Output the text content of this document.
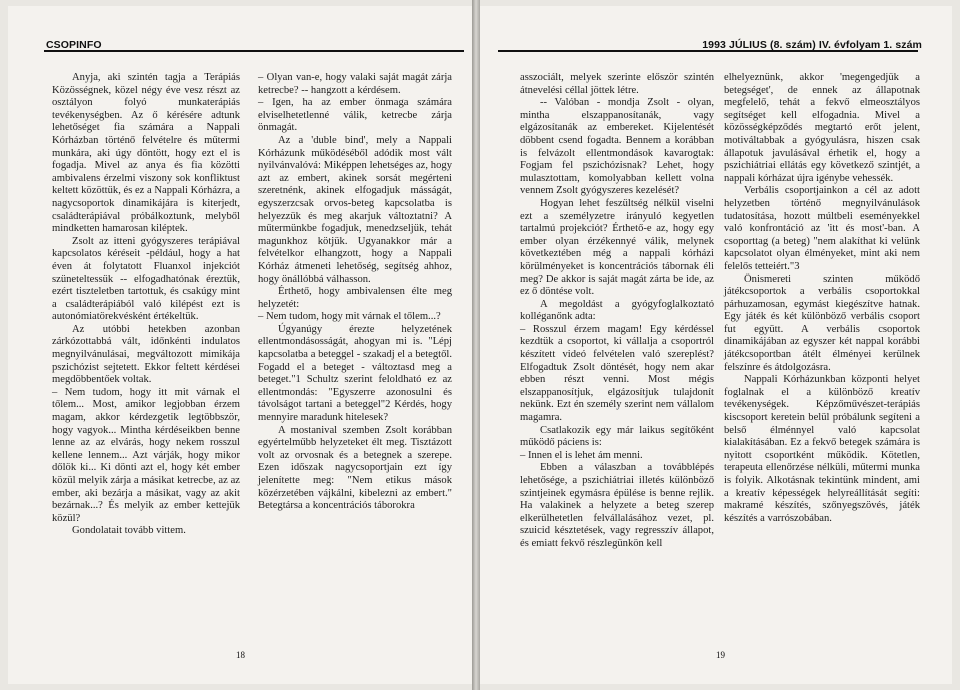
CSOPINFO

Anyja, aki szintén tagja a Terápiás Közösségnek, közel négy éve vesz részt az osztályon folyó munkaterápiás tevékenységben. Az ő kérésére adtunk lehetőséget fia számára a Nappali Kórházban történő felvételre és műtermi munkára, aki úgy döntött, hogy ezt el is fogadja. Mivel az anya és fia közötti ambivalens érzelmi viszony sok konfliktust keltett közöttük, és ez a Nappali Kórházra, a nagycsoportok dinamikájára is kiterjedt, családterápiával próbálkoztunk, melyből mindketten hamarosan kiléptek.

Zsolt az itteni gyógyszeres terápiával kapcsolatos kéréseit -például, hogy a hat éven át folytatott Fluanxol injekciót szüneteltessük -- elfogadhatónak éreztük, ezért tiszteletben tartottuk, és csakúgy mint a családterápiából való kilépést ezt is autonómiatörekvésként értékeltük.

Az utóbbi hetekben azonban zárkózottabbá vált, időnkénti indulatos megnyilvánulásai, megváltozott mimikája pszichózist sejtetett. Ekkor feltett kérdései megdöbbentőek voltak.

– Nem tudom, hogy itt mit várnak el tőlem... Most, amikor legjobban érzem magam, akkor kérdezgetik legtöbbször, hogy vagyok... Mintha kérdéseikben benne lenne az az elvárás, hogy nekem rosszul kellene lennem... Azt várják, hogy mikor dőlök ki... Ki dönti azt el, hogy két ember közül melyik zárja a másikat ketrecbe, az az ember, aki bezárja a másikat, vagy az akit bezárnak...? És melyik az ember kettejük közül?

Gondolatait tovább vittem.

– Olyan van-e, hogy valaki saját magát zárja ketrecbe? -- hangzott a kérdésem.

– Igen, ha az ember önmaga számára elviselhetetlenné válik, ketrecbe zárja önmagát.

Az a 'duble bind', mely a Nappali Kórházunk működéséből adódik most vált nyilvánvalóvá: Miképpen lehetséges az, hogy azt az embert, akinek sorsát megérteni szeretnénk, akinek elfogadjuk másságát, egyszerzcsak orvos-beteg kapcsolatba is helyezzük és meg akarjuk változtatni? A műtermünkbe fogadjuk, menedzseljük, tehát magunkhoz kötjük. Ugyanakkor már a felvételkor elhangzott, hogy a Nappali Kórház átmeneti lehetőség, segítség ahhoz, hogy önállóbbá válhasson.

Érthető, hogy ambivalensen élte meg helyzetét:

– Nem tudom, hogy mit várnak el tőlem...?

Úgyanúgy érezte helyzetének ellentmondásosságát, ahogyan mi is. "Lépj kapcsolatba a beteggel - szakadj el a betegtől. Fogadd el a beteget - változtasd meg a beteget."1 Schultz szerint feloldható ez az ellentmondás: "Egyszerre azonosulni és távolságot tartani a beteggel"2 Kérdés, hogy mennyire maradunk hitelesek?

A mostanival szemben Zsolt korábban egyértelműbb helyzeteket élt meg. Tisztázott volt az orvosnak és a betegnek a szerepe. Ezen időszak nagycsoportjain ezt így jelenítette meg: "Nem etikus mások közérzetében vájkálni, kibelezni az embert." Betegtársa a koncentrációs táborokra

18
1993 JÚLIUS (8. szám) IV. évfolyam 1. szám

asszociált, melyek szerinte először szintén átnevelési céllal jöttek létre.

-- Valóban - mondja Zsolt - olyan, mintha elszappanosítanák, vagy elgázosítanák az embereket. Kijelentését döbbent csend fogadta. Bennem a korábban is felvázolt ellentmondások kavarogtak: Fogjam fel pszichózisnak? Lehet, hogy mulasztottam, komolyabban kellett volna vennem Zsolt gyógyszeres kezelését?

Hogyan lehet feszültség nélkül viselni ezt a személyzetre irányuló kegyetlen tartalmú projekciót? Érthető-e az, hogy egy ember olyan érzékennyé válik, melynek következtében még a nappali kórházi körülményeket is koncentrációs tábornak éli meg? De akkor is saját magát zárta be ide, az ez ő döntése volt.

A megoldást a gyógyfoglalkoztató kolléganőnk adta:

– Rosszul érzem magam! Egy kérdéssel kezdtük a csoportot, ki vállalja a csoportról készített videó felvételen való szereplést? Elfogadtuk Zsolt döntését, hogy nem akar ebben részt venni. Most mégis elszappanosítjuk, elgázosítjuk tulajdonít nekünk. Ezt én személy szerint nem vállalom magamra.

Csatlakozik egy már laikus segítőként működő páciens is:

– Innen el is lehet ám menni.

Ebben a válaszban a továbblépés lehetősége, a pszichiátriai illetés különböző szintjeinek egymásra épülése is benne rejlik. Ha valakinek a helyzete a beteg szerep elkerülhetetlen felvállalásához vezet, pl. szuicid késztetések, vagy regresszív állapot, és emiatt fekvő részlegünkön kell

elhelyeznünk, akkor 'megengedjük a betegséget', de ennek az állapotnak megfelelő, tehát a fekvő elmeosztályos segítséget kell elfogadnia. Mivel a közösségképződés megtartó erőt jelent, motiváltabbak a gyógyulásra, hiszen csak állapotuk javulásával érhetik el, hogy a pszichiátriai ellátás egy következő szintjét, a nappali kórházat újra igénybe vehessék.

Verbális csoportjainkon a cél az adott helyzetben történő megnyilvánulások tudatosítása, hozott múltbeli eseményekkel való konfrontáció az 'itt és most'-ban. A csoporttag (a beteg) "nem alakíthat ki velünk kapcsolatot olyan élményeket, mint aki nem felelős tetteiért."3

Önismereti szinten működő játékcsoportok a verbális csoportokkal párhuzamosan, egymást kiegészítve hatnak. Egy játék és két különböző verbális csoport fut együtt. A verbális csoportok dinamikájában az egyszer két nappal korábbi játékcsoportban átélt élményei kerülnek felszínre és átdolgozásra.

Nappali Kórházunkban központi helyet foglalnak el a különböző kreatív tevékenységek. Képzőművészet-terápiás kiscsoport keretein belül próbálunk segíteni a belső élménnyel való kapcsolat kialakításában. Ez a fekvő betegek számára is nyitott csoportként működik. Kötetlen, terapeuta ellenőrzése nélküli, műtermi munka is folyik. Alkotásnak tekintünk mindent, ami a kreatív képességek helyreállítását segíti: makramé készítés, szőnyegszövés, játék készítés a varrószobában.

19
